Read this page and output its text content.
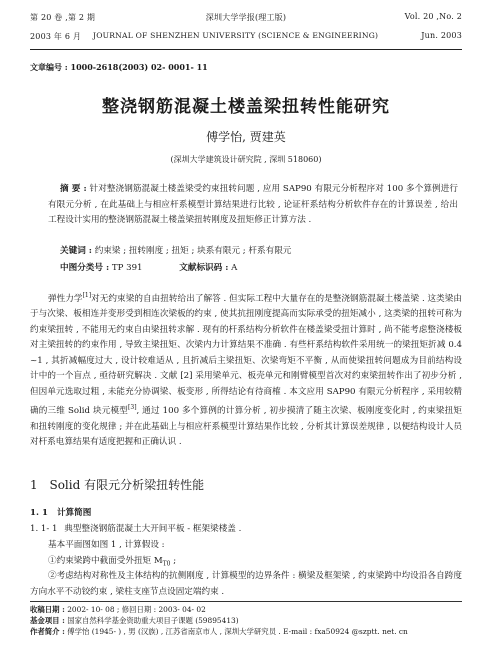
第 20 卷 ,第 2 期	深圳大学学报(理工版)	Vol. 20 ,No. 2
2003 年 6 月 JOURNAL OF SHENZHEN UNIVERSITY (SCIENCE & ENGINEERING)	Jun. 2003
文章编号 : 1000-2618(2003) 02- 0001- 11
整浇钢筋混凝土楼盖梁扭转性能研究
傅学怡, 贾建英
(深圳大学建筑设计研究院 , 深圳 518060)
摘 要 : 针对整浇钢筋混凝土楼盖梁受约束扭转问题 , 应用 SAP90 有限元分析程序对 100 多个算例进行有限元分析 , 在此基础上与相应杆系模型计算结果进行比较 , 论证杆系结构分析软件存在的计算误差 , 给出工程设计实用的整浇钢筋混凝土楼盖梁扭转刚度及扭矩修正计算方法 .
关键词 : 约束梁 ; 扭转刚度 ; 扭矩 ; 块系有限元 ; 杆系有限元
中图分类号 : TP 391	文献标识码 : A
弹性力学[1]对无约束梁的自由扭转给出了解答 . 但实际工程中大量存在的是整浇钢筋混凝土楼盖梁 . 这类梁由于与次梁、板相连并变形受到相连次梁板的约束 , 使其抗扭刚度提高而实际承受的扭矩减小 , 这类梁的扭转可称为约束梁扭转 , 不能用无约束自由梁扭转求解 . 现有的杆系结构分析软件在楼盖梁受扭计算时 , 尚不能考虑整浇楼板对主梁扭转的约束作用 , 导致主梁扭矩、次梁内力计算结果不准确 . 有些杆系结构软件采用统一的梁扭矩折减 0.4 ~1 , 其折减幅度过大 , 设计较难适从 , 且折减后主梁扭矩、次梁弯矩不平衡 , 从而使梁扭转问题成为目前结构设计中的一个盲点 , 亟待研究解决 . 文献 [2] 采用梁单元、板壳单元和刚臂模型首次对约束梁扭转作出了初步分析 , 但因单元选取过粗 , 未能充分协调梁、板变形 , 所得结论有待商榷 . 本文应用 SAP90 有限元分析程序 , 采用较精确的三维 Solid 块元模型[3], 通过 100 多个算例的计算分析 , 初步摸清了随主次梁、板刚度变化时 , 约束梁扭矩和扭转刚度的变化规律 ; 并在此基础上与相应杆系模型计算结果作比较 , 分析其计算误差规律 , 以便结构设计人员对杆系电算结果有适度把握和正确认识 .
1 Solid 有限元分析梁扭转性能
1. 1 计算简图
1. 1- 1 典型整浇钢筋混凝土大开间平板 - 框架梁楼盖 .
基本平面图如图 1 , 计算假设 :
①约束梁跨中截面受外扭矩 $M_{T0}$ ;
②考虑结构对称性及主体结构的抗侧刚度 , 计算模型的边界条件 : 横梁及框架梁 , 约束梁跨中均设沿各自跨度方向水平不动铰约束 , 梁柱支座节点设固定端约束 .
收稿日期 : 2002- 10- 08 ; 修回日期 : 2003- 04- 02
基金项目 : 国家自然科学基金资助重大项目子课题 (59895413)
作者简介 : 傅学怡 (1945- ) , 男 (汉族) , 江苏省南京市人 , 深圳大学研究员 . E-mail : fxa50924 @szptt. net. cn
